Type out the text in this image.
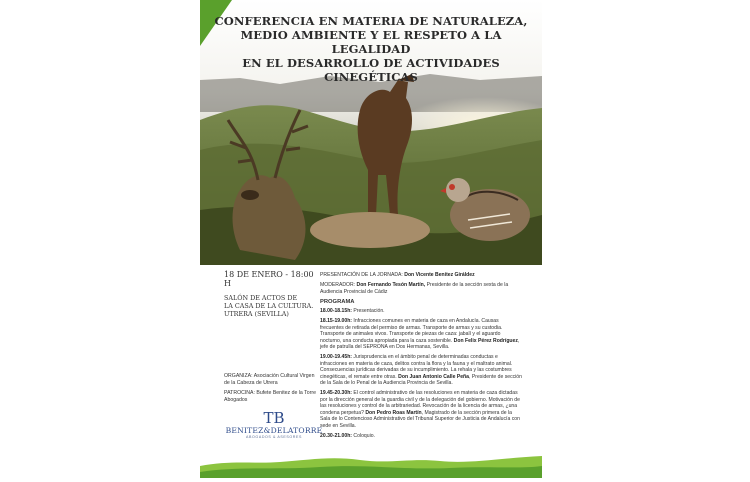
CONFERENCIA EN MATERIA DE NATURALEZA,
MEDIO AMBIENTE Y EL RESPETO A LA LEGALIDAD
EN EL DESARROLLO DE ACTIVIDADES CINEGÉTICAS
18 DE ENERO - 18:00 H
SALÓN DE ACTOS DE
LA CASA DE LA CULTURA.
UTRERA (SEVILLA)
ORGANIZA: Asociación Cultural Virgen de la Cabeza de Utrera
PATROCINA: Bufete Benitez de la Torre Abogados
TB
BENITEZ&DELATORRE
ABOGADOS & ASESORES

PRESENTACIÓN DE LA JORNADA: Don Vicente Benitez Giráldez

MODERADOR: Don Fernando Tesón Martín, Presidente de la sección sexta de la Audiencia Provincial de Cádiz

PROGRAMA

18.00-18.15h: Presentación.

18.15-19.00h: Infracciones comunes en materia de caza en Andalucía. Causas frecuentes de retirada del permiso de armas. Transporte de armas y su custodia. Transporte de animales vivos. Transporte de piezas de caza: jabalí y el aguardo nocturno, una conducta apropiada para la caza sostenible. Don Felix Pérez Rodríguez, jefe de patrulla del SEPRONA en Dos Hermanas, Sevilla.

19.00-19.45h: Jurisprudencia en el ámbito penal de determinadas conductas e infracciones en materia de caza, delitos contra la flora y la fauna y el maltrato animal. Consecuencias jurídicas derivadas de su incumplimiento. La rehala y las costumbres cinegéticas, el remate entre otras. Don Juan Antonio Calle Peña, Presidente de sección de la Sala de lo Penal de la Audiencia Provincia de Sevilla.

19.45-20.30h: El control administrativo de las resoluciones en materia de caza dictadas por la dirección general de la guardia civil y de la delegación del gobierno. Motivación de las resoluciones y control de la arbitrariedad. Revocación de la licencia de armas, ¿una condena perpetua? Don Pedro Roas Martín, Magistrado de la sección primera de la Sala de lo Contencioso Administrativo del Tribunal Superior de Justicia de Andalucía con sede en Sevilla.

20.30-21.00h: Coloquio.
